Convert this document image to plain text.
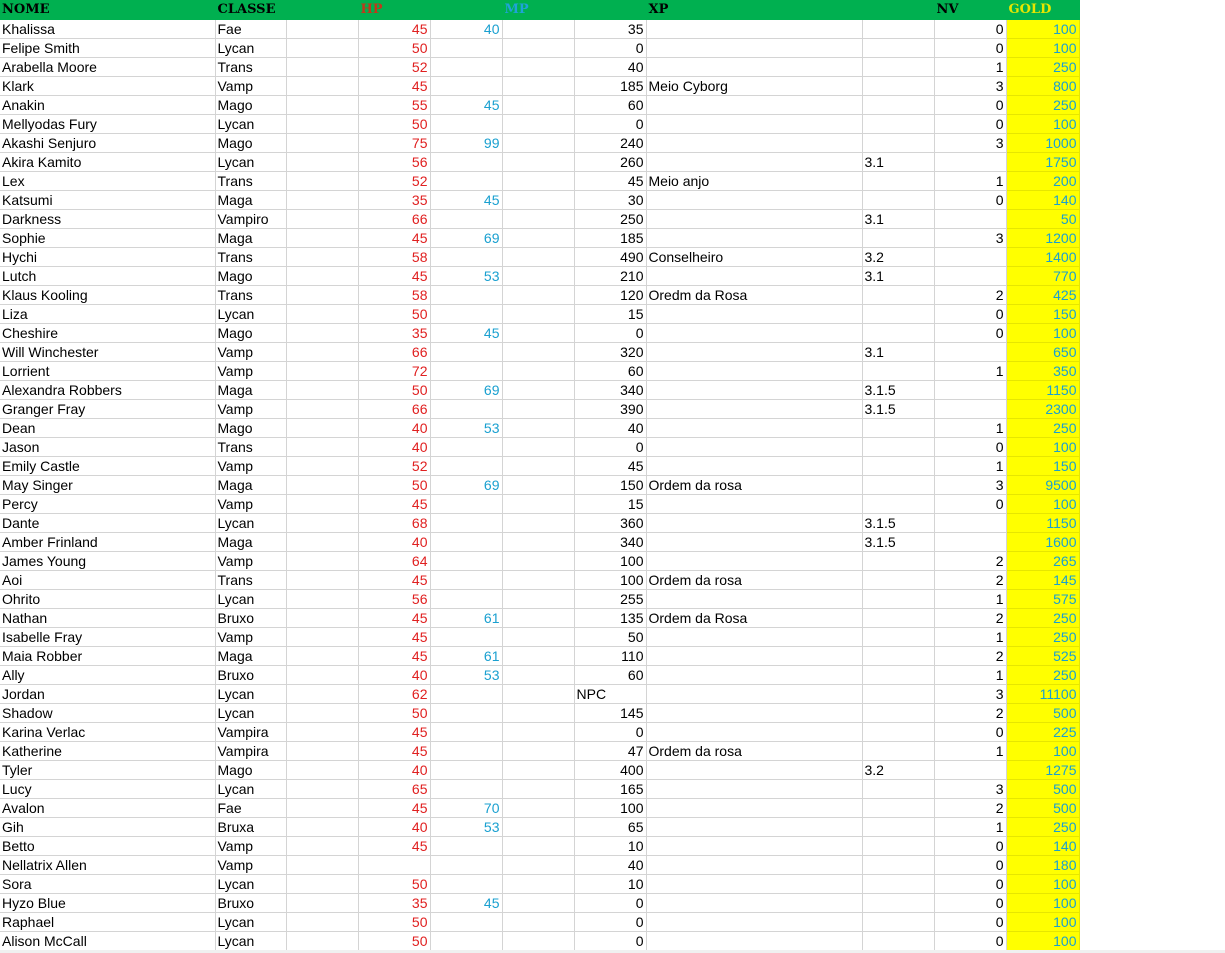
NOME		CLASSE		HP		MP		XP			NV	GOLD
Khalissa		Fae		45	40		35				0	100
Felipe Smith		Lycan		50			0				0	100
Arabella Moore		Trans		52			40				1	250
Klark		Vamp		45			185	Meio Cyborg			3	800
Anakin		Mago		55	45		60				0	250
Mellyodas Fury		Lycan		50			0				0	100
Akashi Senjuro		Mago		75	99		240				3	1000
Akira Kamito		Lycan		56			260			3.1		1750
Lex		Trans		52			45	Meio anjo			1	200
Katsumi		Maga		35	45		30				0	140
Darkness		Vampiro		66			250			3.1		50
Sophie		Maga		45	69		185				3	1200
Hychi		Trans		58			490	Conselheiro		3.2		1400
Lutch		Mago		45	53		210			3.1		770
Klaus Kooling		Trans		58			120	Oredm da Rosa			2	425
Liza		Lycan		50			15				0	150
Cheshire		Mago		35	45		0				0	100
Will Winchester		Vamp		66			320			3.1		650
Lorrient		Vamp		72			60				1	350
Alexandra Robbers		Maga		50	69		340			3.1.5		1150
Granger Fray		Vamp		66			390			3.1.5		2300
Dean		Mago		40	53		40				1	250
Jason		Trans		40			0				0	100
Emily Castle		Vamp		52			45				1	150
May Singer		Maga		50	69		150	Ordem da rosa			3	9500
Percy		Vamp		45			15				0	100
Dante		Lycan		68			360			3.1.5		1150
Amber Frinland		Maga		40			340			3.1.5		1600
James Young		Vamp		64			100				2	265
Aoi		Trans		45			100	Ordem da rosa			2	145
Ohrito		Lycan		56			255				1	575
Nathan		Bruxo		45	61		135	Ordem da Rosa			2	250
Isabelle Fray		Vamp		45			50				1	250
Maia Robber		Maga		45	61		110				2	525
Ally		Bruxo		40	53		60				1	250
Jordan		Lycan		62			NPC				3	11100
Shadow		Lycan		50			145				2	500
Karina Verlac		Vampira		45			0				0	225
Katherine		Vampira		45			47	Ordem da rosa			1	100
Tyler		Mago		40			400			3.2		1275
Lucy		Lycan		65			165				3	500
Avalon		Fae		45	70		100				2	500
Gih		Bruxa		40	53		65				1	250
Betto		Vamp		45			10				0	140
Nellatrix Allen		Vamp					40				0	180
Sora		Lycan		50			10				0	100
Hyzo Blue		Bruxo		35	45		0				0	100
Raphael		Lycan		50			0				0	100
Alison McCall		Lycan		50			0				0	100
